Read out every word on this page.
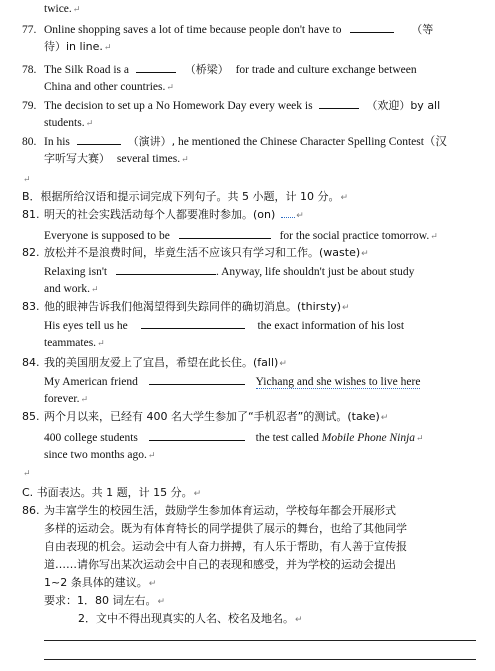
twice.↵
77. Online shopping saves a lot of time because people don't have to	（等
待）in line.↵
78. The Silk Road is a	（桥梁） for trade and culture exchange between
China and other countries.↵
79. The decision to set up a No Homework Day every week is	（欢迎）by all
students.↵
80. In his	（演讲）, he mentioned the Chinese Character Spelling Contest（汉
字听写大赛） several times.↵
↵
B．根据所给汉语和提示词完成下列句子。共 5 小题，计 10 分。↵
81. 明天的社会实践活动每个人都要准时参加。(on) ↵
Everyone is supposed to be	for the social practice tomorrow.↵
82. 放松并不是浪费时间，毕竟生活不应该只有学习和工作。(waste)↵
Relaxing isn't	. Anyway, life shouldn't just be about study
and work.↵
83. 他的眼神告诉我们他渴望得到失踪同伴的确切消息。(thirsty)↵
His eyes tell us he	the exact information of his lost
teammates.↵
84. 我的美国朋友爱上了宜昌，希望在此长住。(fall)↵
My American friend	Yichang and she wishes to live here
forever.↵
85. 两个月以来，已经有 400 名大学生参加了“手机忍者”的测试。(take)↵
400 college students	the test called Mobile Phone Ninja↵
since two months ago.↵
↵
C. 书面表达。共 1 题，计 15 分。↵
86. 为丰富学生的校园生活，鼓励学生参加体育运动，学校每年都会开展形式
多样的运动会。既为有体育特长的同学提供了展示的舞台，也给了其他同学
自由表现的机会。运动会中有人奋力拼搏，有人乐于帮助，有人善于宣传报
道……请你写出某次运动会中自己的表现和感受，并为学校的运动会提出
1~2 条具体的建议。↵
要求：1．80 词左右。↵
2．文中不得出现真实的人名、校名及地名。↵
